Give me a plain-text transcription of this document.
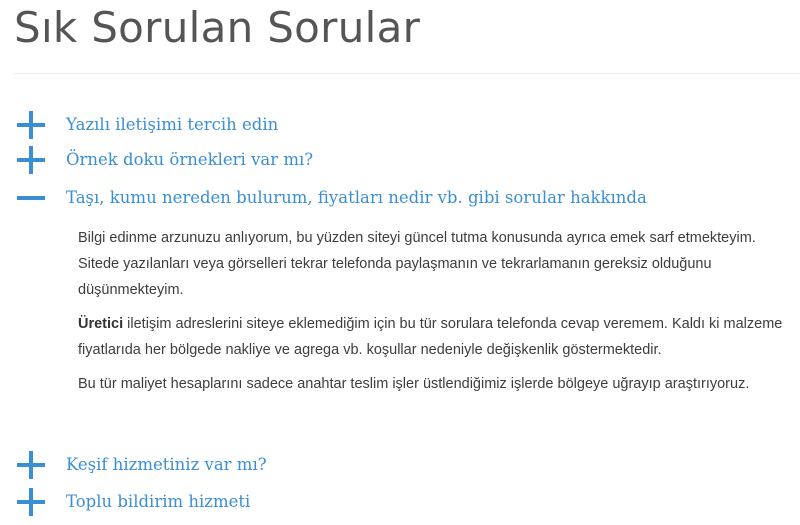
Sık Sorulan Sorular
Yazılı iletişimi tercih edin
Örnek doku örnekleri var mı?
Taşı, kumu nereden bulurum, fiyatları nedir vb. gibi sorular hakkında

Bilgi edinme arzunuzu anlıyorum, bu yüzden siteyi güncel tutma konusunda ayrıca emek sarf etmekteyim. Sitede yazılanları veya görselleri tekrar telefonda paylaşmanın ve tekrarlamanın gereksiz olduğunu düşünmekteyim.

Üretici iletişim adreslerini siteye eklemediğim için bu tür sorulara telefonda cevap veremem. Kaldı ki malzeme fiyatlarıda her bölgede nakliye ve agrega vb. koşullar nedeniyle değişkenlik göstermektedir.

Bu tür maliyet hesaplarını sadece anahtar teslim işler üstlendiğimiz işlerde bölgeye uğrayıp araştırıyoruz.

Keşif hizmetiniz var mı?
Toplu bildirim hizmeti
